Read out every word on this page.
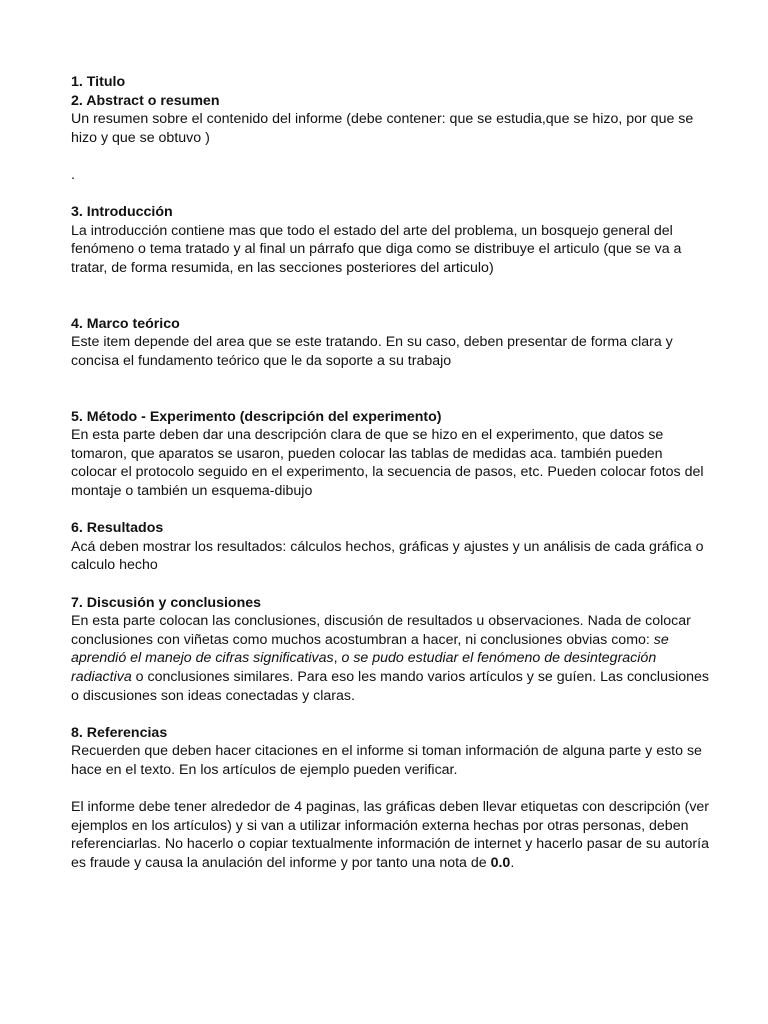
1. Titulo

2. Abstract o resumen

Un resumen sobre el contenido del informe (debe contener: que se estudia,que se hizo, por que se hizo y que se obtuvo )

.

3. Introducción

La introducción contiene mas que todo el estado del arte del problema, un bosquejo general del fenómeno o tema tratado y al final un párrafo que diga como se distribuye el articulo (que se va a tratar, de forma resumida, en las secciones posteriores del articulo)

4. Marco teórico

Este item depende del area que se este tratando. En su caso, deben presentar de forma clara y concisa el fundamento teórico que le da soporte a su trabajo

5. Método - Experimento (descripción del experimento)

En esta parte deben dar una descripción clara de que se hizo en el experimento, que datos se tomaron, que aparatos se usaron, pueden colocar las tablas de medidas aca. también pueden colocar el protocolo seguido en el experimento, la secuencia de pasos, etc. Pueden colocar fotos del montaje o también un esquema-dibujo

6. Resultados

Acá deben mostrar los resultados: cálculos hechos, gráficas y ajustes y un análisis de cada gráfica o calculo hecho

7. Discusión y conclusiones

En esta parte colocan las conclusiones, discusión de resultados u observaciones. Nada de colocar conclusiones con viñetas como muchos acostumbran a hacer, ni conclusiones obvias como: se aprendió el manejo de cifras significativas, o se pudo estudiar el fenómeno de desintegración radiactiva o conclusiones similares. Para eso les mando varios artículos y se guíen. Las conclusiones o discusiones son ideas conectadas y claras.

8. Referencias

Recuerden que deben hacer citaciones en el informe si toman información de alguna parte y esto se hace en el texto. En los artículos de ejemplo pueden verificar.

El informe debe tener alrededor de 4 paginas, las gráficas deben llevar etiquetas con descripción (ver ejemplos en los artículos) y si van a utilizar información externa hechas por otras personas, deben referenciarlas. No hacerlo o copiar textualmente información de internet y hacerlo pasar de su autoría es fraude y causa la anulación del informe y por tanto una nota de 0.0.
